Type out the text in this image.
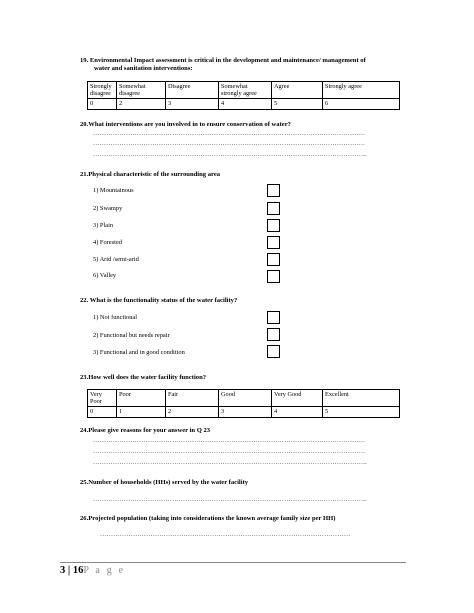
19. Environmental Impact assessment is critical in the development and maintenance/ management of
water and sanitation interventions:
Strongly
disagree	Somewhat
disagree	Disagree	Somewhat
strongly agree	Agree	Strongly agree
0	2	3	4	5	6
20.What interventions are you involved in to ensure conservation of water?
…………………………………………………………………………………………………………….
…………………………………………………………………………………………………………….
……………………………………………………………………………………………………………..
21.Physical characteristic of the surrounding area
1) Mountainous
2) Swampy
3) Plain
4) Forested
5) Arid /semi-arid
6) Valley
22. What is the functionality status of the water facility?
1) Not functional
2) Functional but needs repair
3) Functional and in good condition
23.How well does the water facility function?
Very
Poor	Poor	Fair	Good	Very Good	Excellent
0	1	2	3	4	5
24.Please give reasons for your answer in Q 23
…………………………………………………………………………………………………………….
…………………………………………………………………………………………………………….
……………………………………………………………………………………………………………..
25.Number of households (HHs) served by the water facility
……………………………………………………………………………………………………………..
26.Projected population (taking into considerations the known average family size per HH)
……………………………………………………………………………………………………
3 | 16P a g e
